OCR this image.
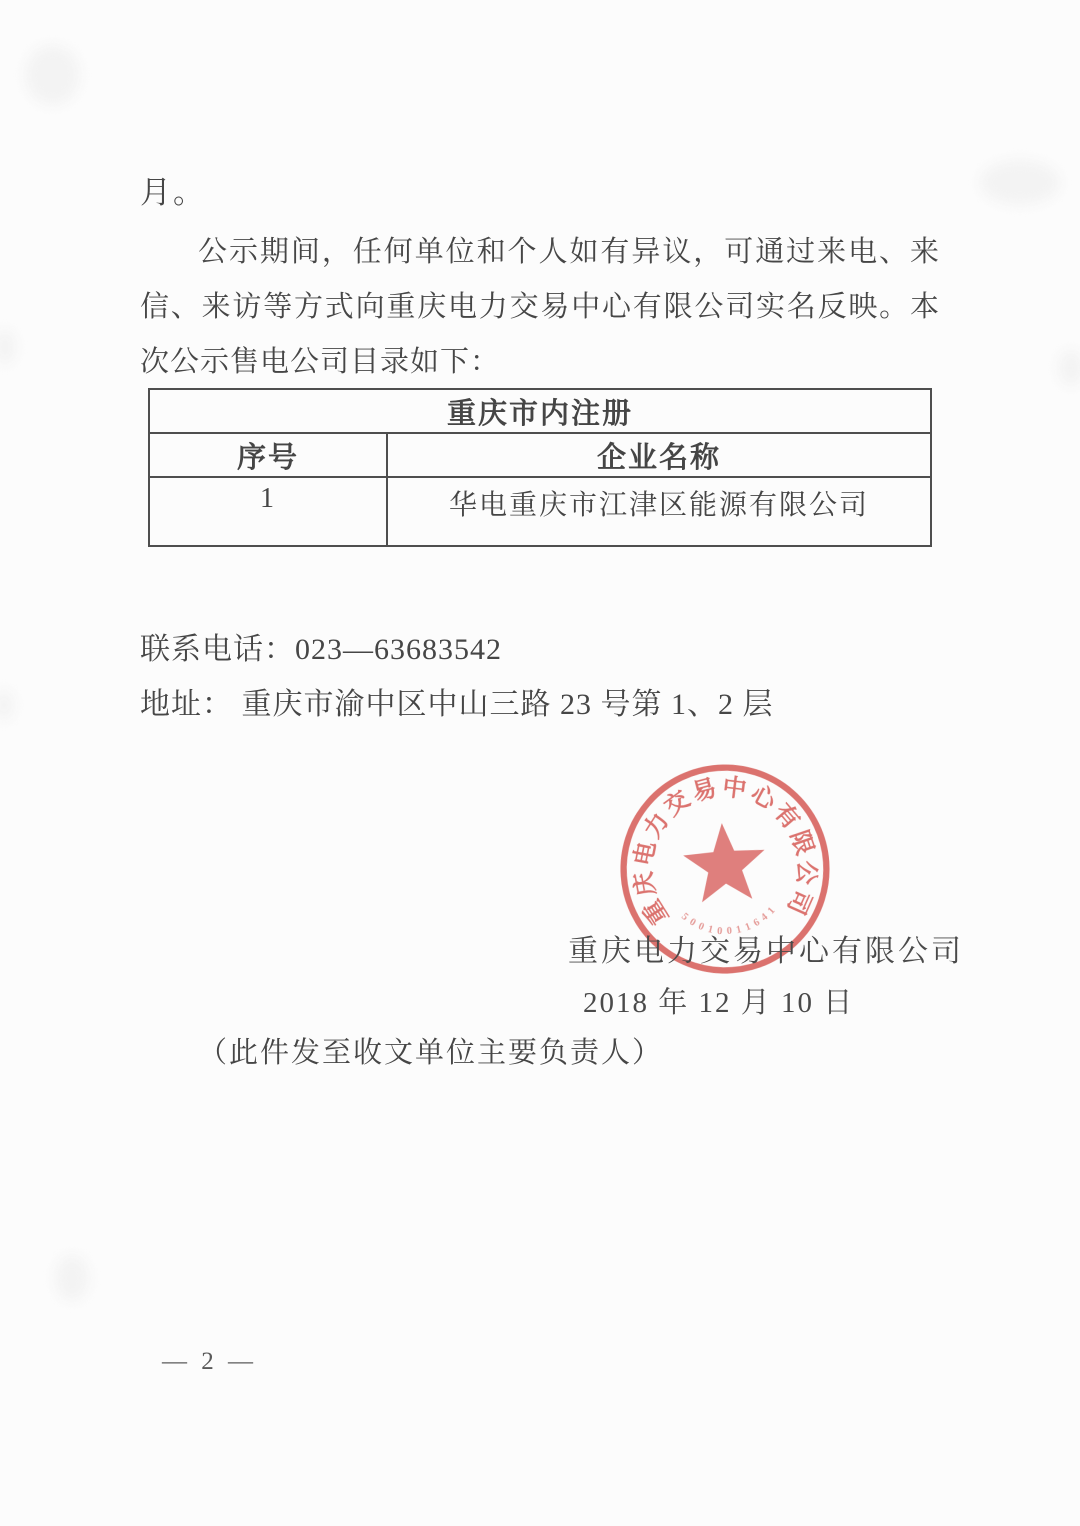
月。
公示期间，任何单位和个人如有异议，可通过来电、来信、来访等方式向重庆电力交易中心有限公司实名反映。本次公示售电公司目录如下：
重庆市内注册	
序号	企业名称
1	华电重庆市江津区能源有限公司
联系电话：023—63683542
地址： 重庆市渝中区中山三路 23 号第 1、2 层
重
庆
电
力
交
易 中
心
有
限
公
司
5
0
0 1 0 0 1 1 6
4
1
重庆电力交易中心有限公司
2018 年 12 月 10 日
（此件发至收文单位主要负责人）
— 2 —
